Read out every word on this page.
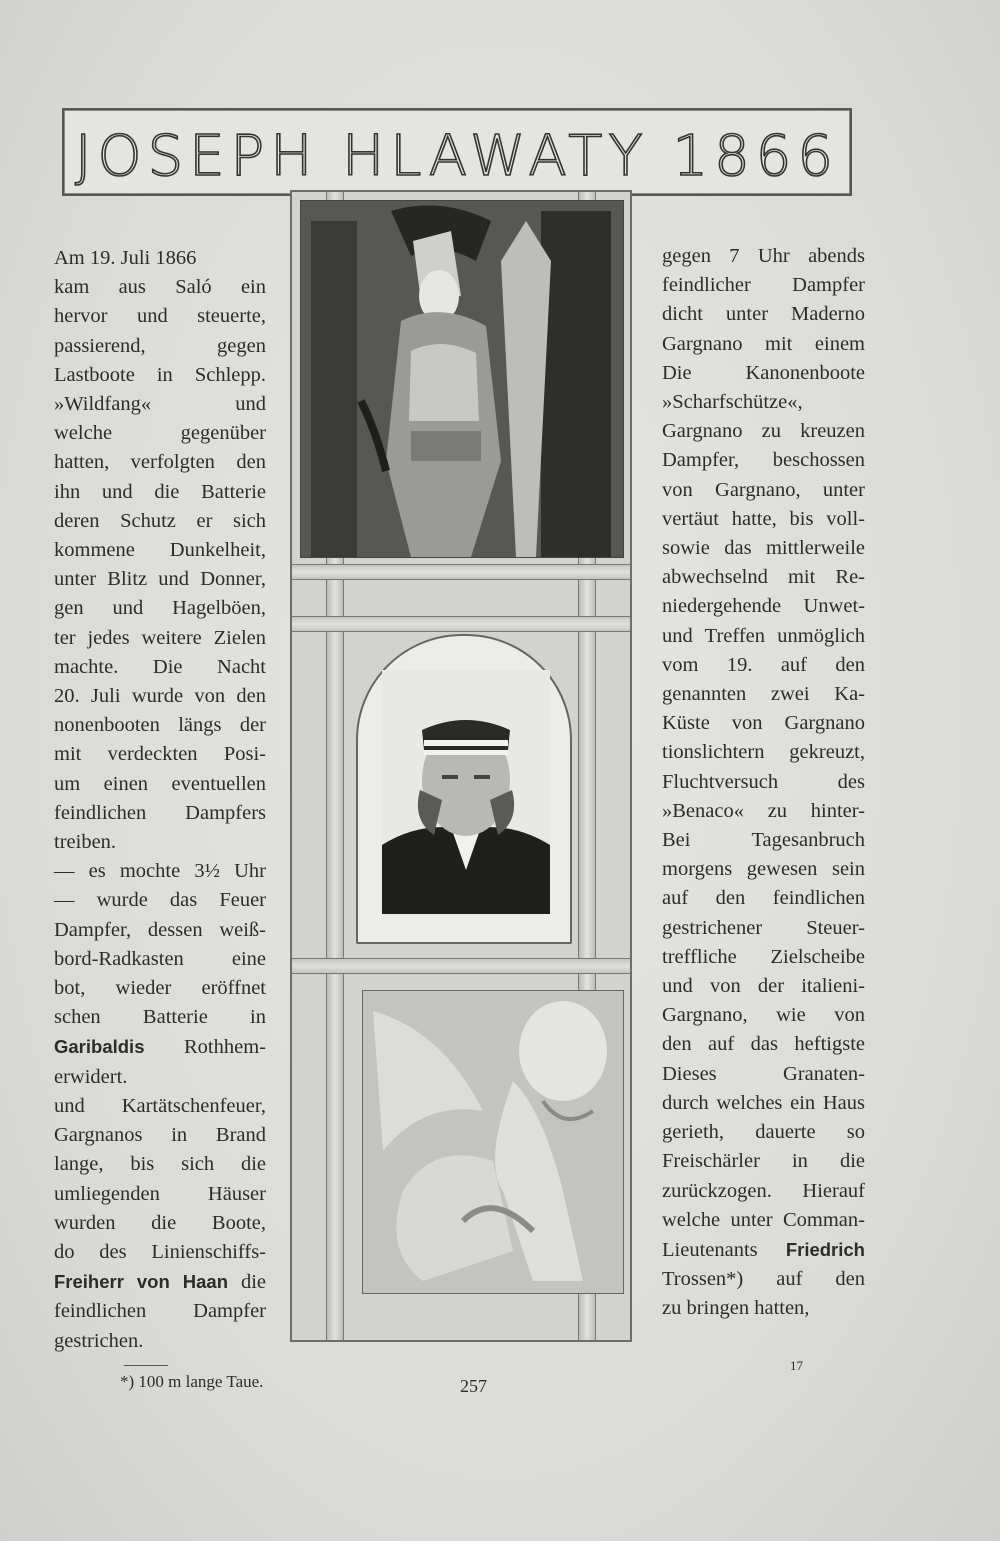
JOSEPH HLAWATY 1866
Am 19. Juli 1866
kam aus Saló ein
hervor und steuerte,
passierend, gegen
Lastboote in Schlepp.
»Wildfang« und
welche gegenüber
hatten, verfolgten den
ihn und die Batterie
deren Schutz er sich
kommene Dunkelheit,
unter Blitz und Donner,
gen und Hagelböen,
ter jedes weitere Zielen
machte. Die Nacht
20. Juli wurde von den
nonenbooten längs der
mit verdeckten Posi-
um einen eventuellen
feindlichen Dampfers
treiben.
— es mochte 3½ Uhr
— wurde das Feuer
Dampfer, dessen weiß-
bord-Radkasten eine
bot, wieder eröffnet
schen Batterie in
Garibaldis Rothhem-
erwidert.
und Kartätschenfeuer,
Gargnanos in Brand
lange, bis sich die
umliegenden Häuser
wurden die Boote,
do des Linienschiffs-
Freiherr von Haan die
feindlichen Dampfer
gestrichen.
gegen 7 Uhr abends
feindlicher Dampfer
dicht unter Maderno
Gargnano mit einem
Die Kanonenboote
»Scharfschütze«,
Gargnano zu kreuzen
Dampfer, beschossen
von Gargnano, unter
vertäut hatte, bis voll-
sowie das mittlerweile
abwechselnd mit Re-
niedergehende Unwet-
und Treffen unmöglich
vom 19. auf den
genannten zwei Ka-
Küste von Gargnano
tionslichtern gekreuzt,
Fluchtversuch des
»Benaco« zu hinter-
Bei Tagesanbruch
morgens gewesen sein
auf den feindlichen
gestrichener Steuer-
treffliche Zielscheibe
und von der italieni-
Gargnano, wie von
den auf das heftigste
Dieses Granaten-
durch welches ein Haus
gerieth, dauerte so
Freischärler in die
zurückzogen. Hierauf
welche unter Comman-
Lieutenants Friedrich
Trossen*) auf den
zu bringen hatten,
*) 100 m lange Taue.	257
17
